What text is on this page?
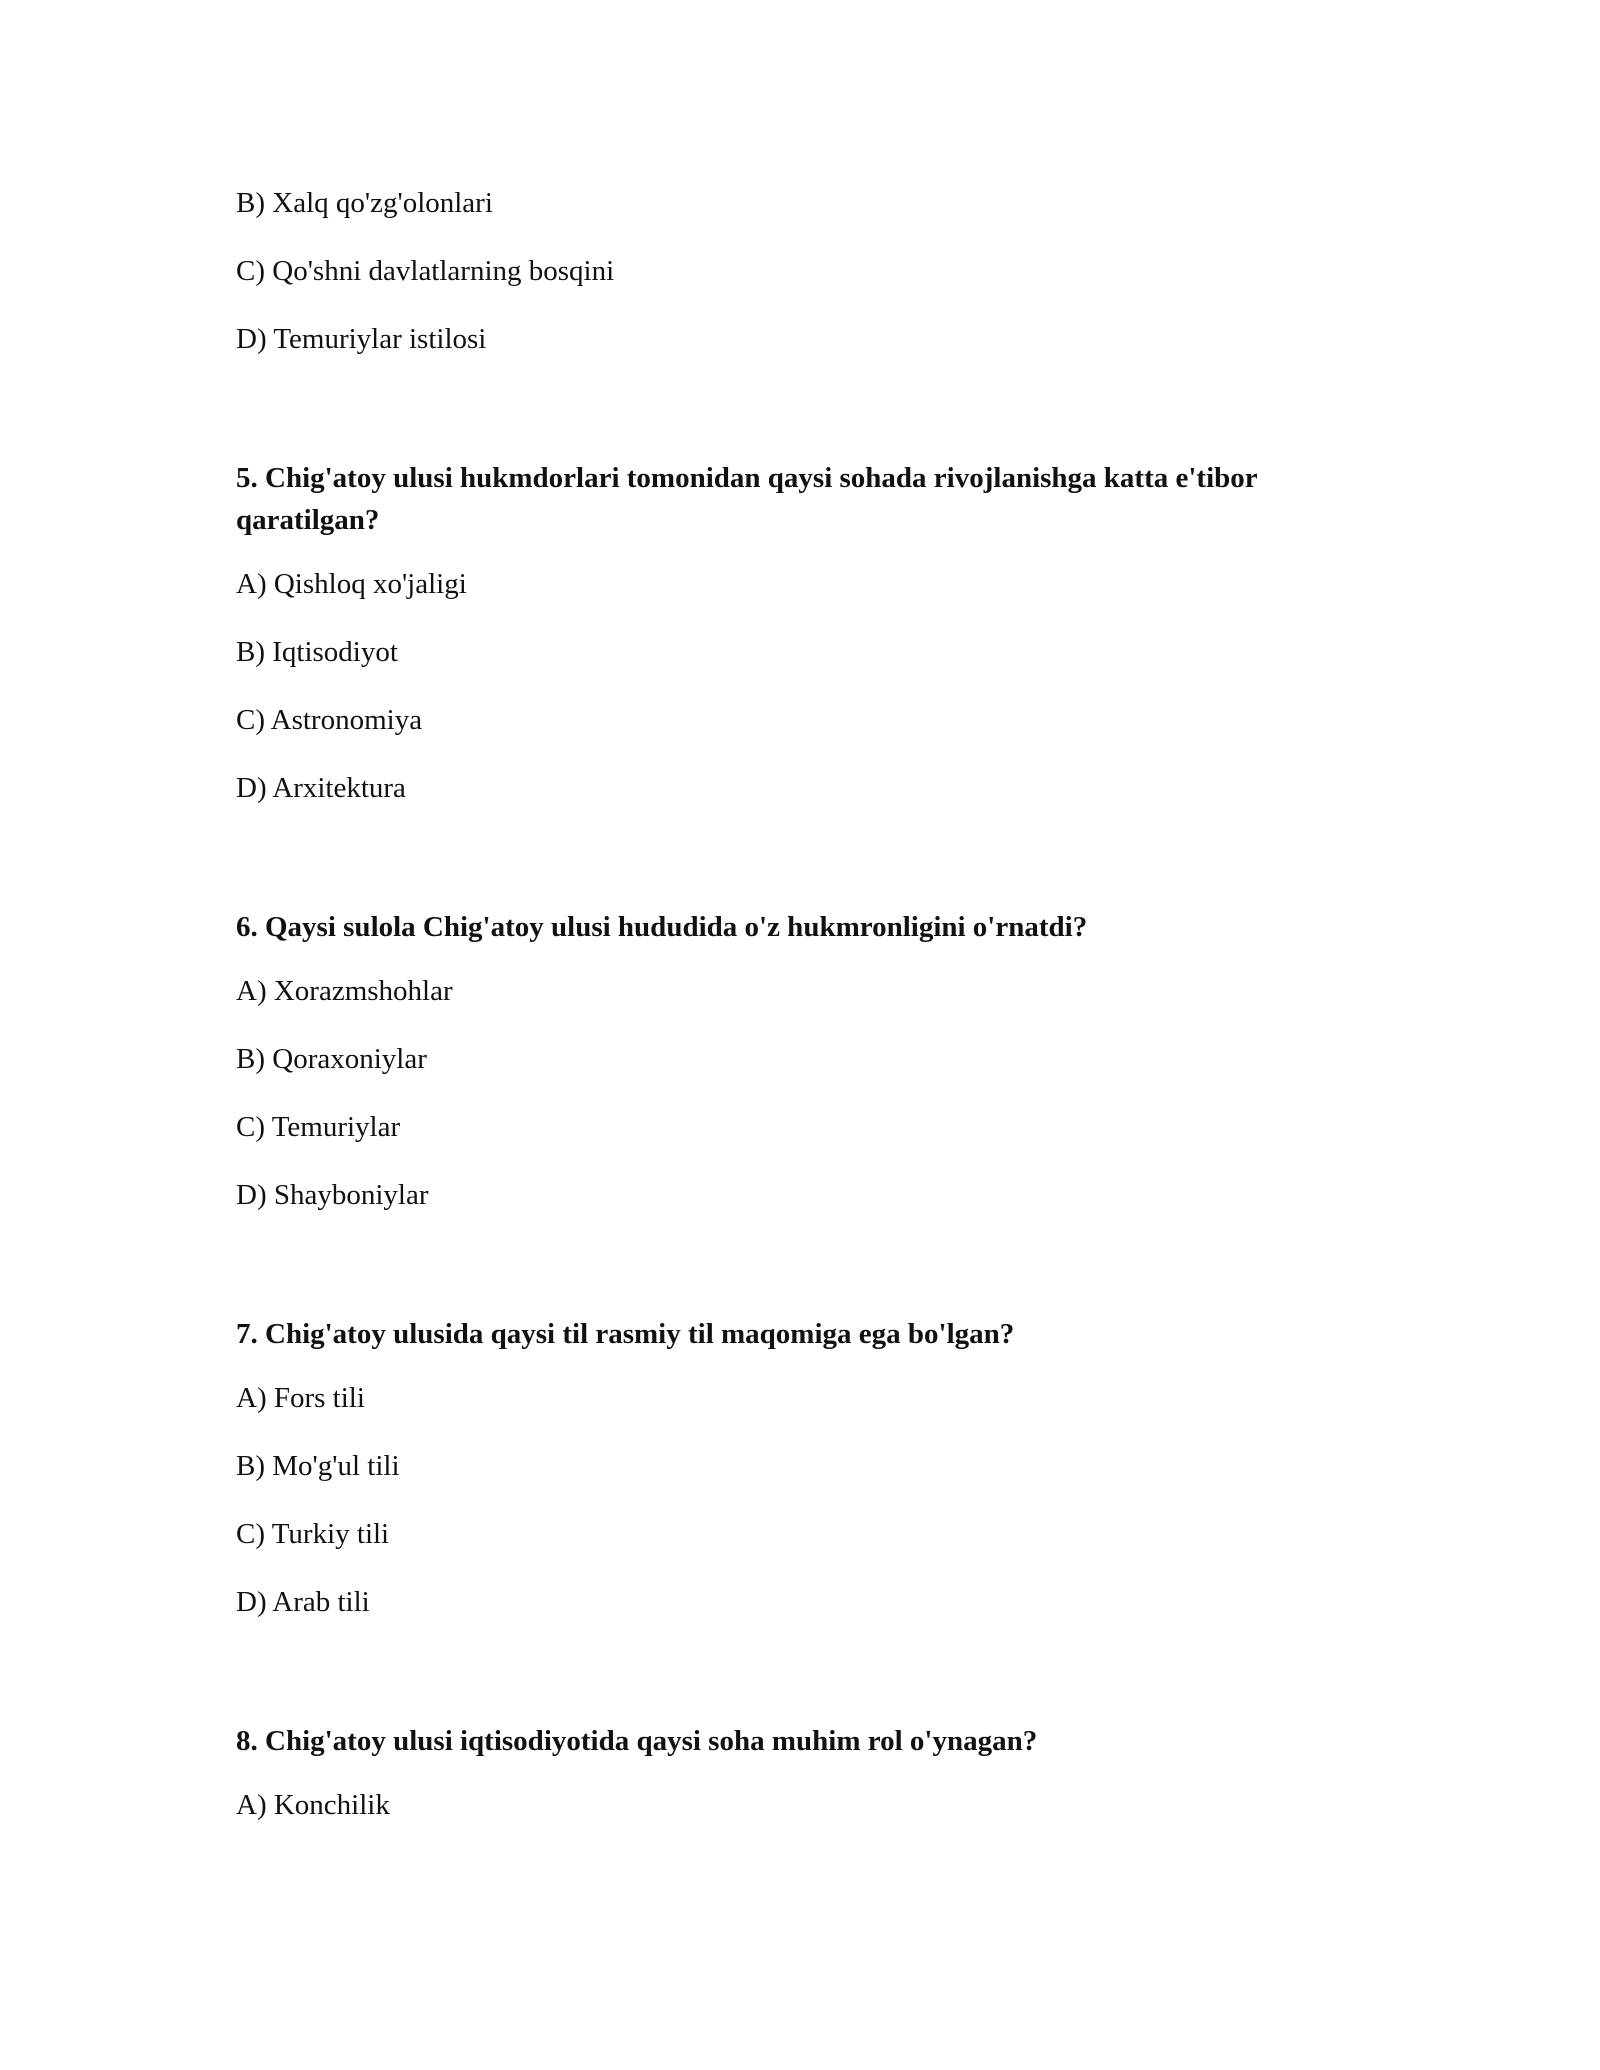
B) Xalq qo'zg'olonlari
C) Qo'shni davlatlarning bosqini
D) Temuriylar istilosi
5. Chig'atoy ulusi hukmdorlari tomonidan qaysi sohada rivojlanishga katta e'tibor qaratilgan?
A) Qishloq xo'jaligi
B) Iqtisodiyot
C) Astronomiya
D) Arxitektura
6. Qaysi sulola Chig'atoy ulusi hududida o'z hukmronligini o'rnatdi?
A) Xorazmshohlar
B) Qoraxoniylar
C) Temuriylar
D) Shayboniylar
7. Chig'atoy ulusida qaysi til rasmiy til maqomiga ega bo'lgan?
A) Fors tili
B) Mo'g'ul tili
C) Turkiy tili
D) Arab tili
8. Chig'atoy ulusi iqtisodiyotida qaysi soha muhim rol o'ynagan?
A) Konchilik
